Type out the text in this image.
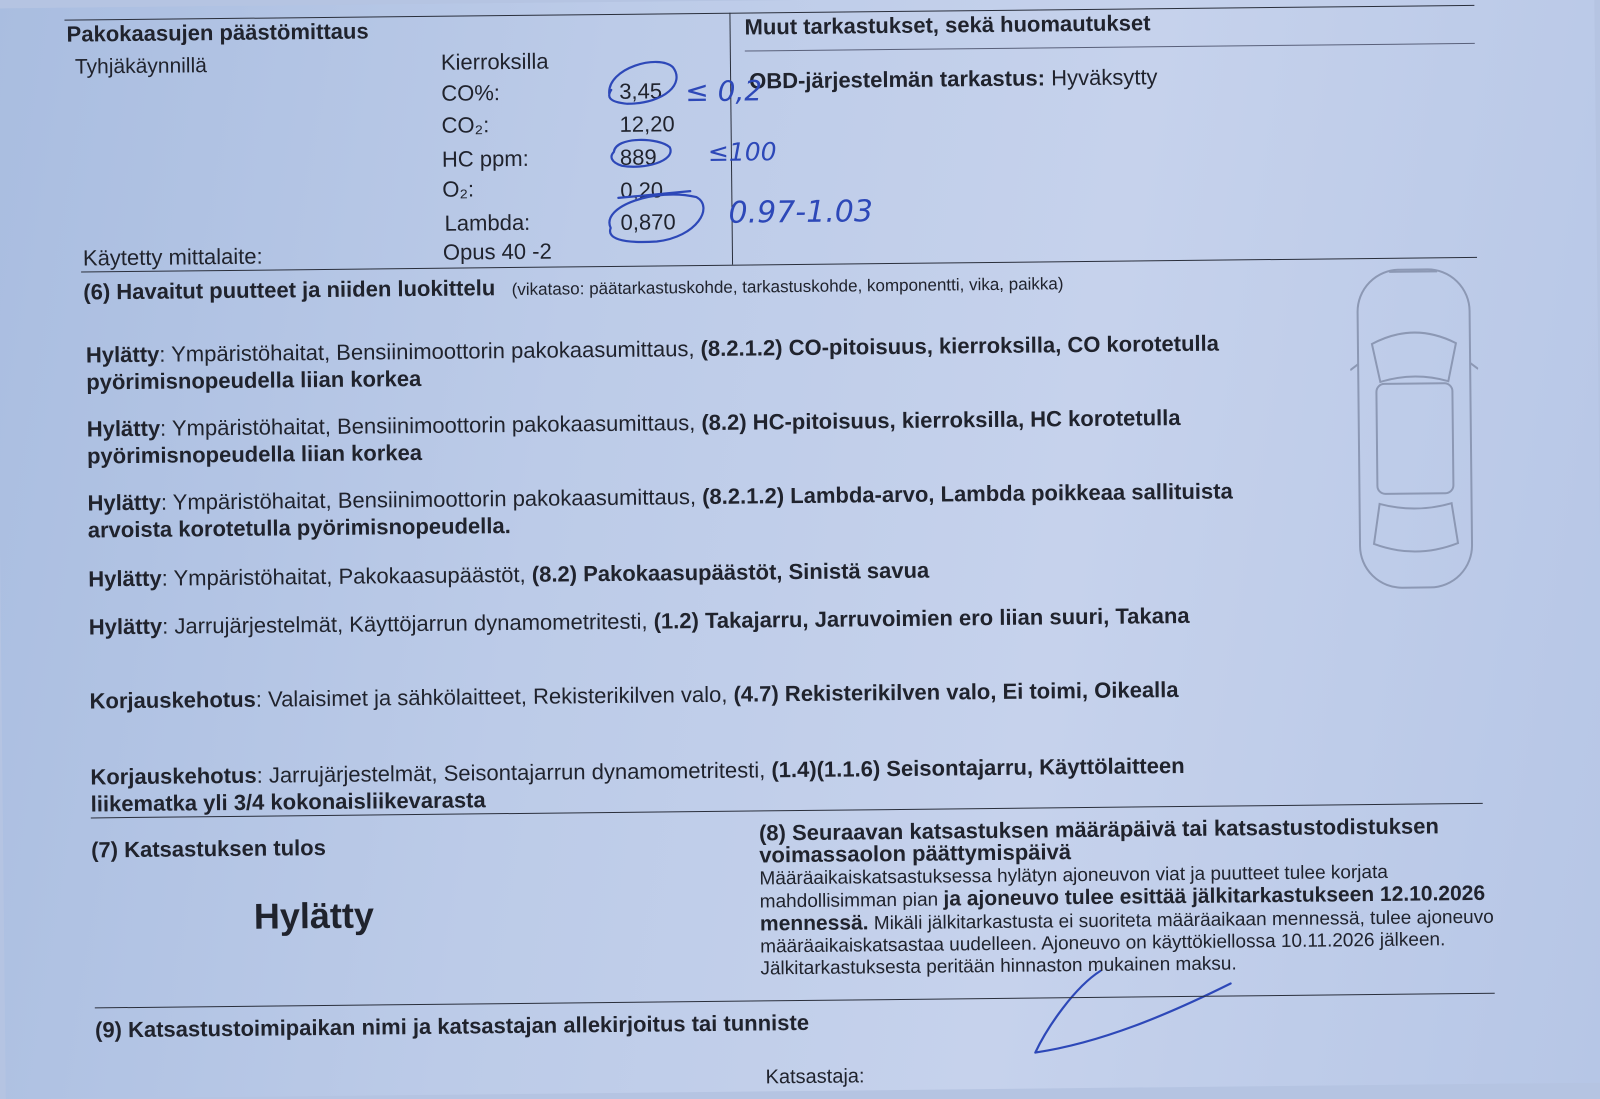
Pakokaasujen päästömittaus
Tyhjäkäynnillä	Kierroksilla
CO%:	3,45
CO₂:	12,20
HC ppm:	889
O₂:	0,20
Lambda:	0,870
Käytetty mittalaite:	Opus 40 -2
Muut tarkastukset, sekä huomautukset
OBD-järjestelmän tarkastus: Hyväksytty
≤ 0,2
≤100
0.97-1.03
(6) Havaitut puutteet ja niiden luokittelu (vikataso: päätarkastuskohde, tarkastuskohde, komponentti, vika, paikka)
Hylätty: Ympäristöhaitat, Bensiinimoottorin pakokaasumittaus, (8.2.1.2) CO-pitoisuus, kierroksilla, CO korotetulla pyörimisnopeudella liian korkea
Hylätty: Ympäristöhaitat, Bensiinimoottorin pakokaasumittaus, (8.2) HC-pitoisuus, kierroksilla, HC korotetulla pyörimisnopeudella liian korkea
Hylätty: Ympäristöhaitat, Bensiinimoottorin pakokaasumittaus, (8.2.1.2) Lambda-arvo, Lambda poikkeaa sallituista arvoista korotetulla pyörimisnopeudella.
Hylätty: Ympäristöhaitat, Pakokaasupäästöt, (8.2) Pakokaasupäästöt, Sinistä savua
Hylätty: Jarrujärjestelmät, Käyttöjarrun dynamometritesti, (1.2) Takajarru, Jarruvoimien ero liian suuri, Takana
Korjauskehotus: Valaisimet ja sähkölaitteet, Rekisterikilven valo, (4.7) Rekisterikilven valo, Ei toimi, Oikealla
Korjauskehotus: Jarrujärjestelmät, Seisontajarrun dynamometritesti, (1.4)(1.1.6) Seisontajarru, Käyttölaitteen liikematka yli 3/4 kokonaisliikevarasta
(7) Katsastuksen tulos
Hylätty
(8) Seuraavan katsastuksen määräpäivä tai katsastustodistuksen voimassaolon päättymispäivä
Määräaikaiskatsastuksessa hylätyn ajoneuvon viat ja puutteet tulee korjata mahdollisimman pian ja ajoneuvo tulee esittää jälkitarkastukseen 12.10.2026 mennessä. Mikäli jälkitarkastusta ei suoriteta määräaikaan mennessä, tulee ajoneuvo määräaikaiskatsastaa uudelleen. Ajoneuvo on käyttökiellossa 10.11.2026 jälkeen. Jälkitarkastuksesta peritään hinnaston mukainen maksu.
(9) Katsastustoimipaikan nimi ja katsastajan allekirjoitus tai tunniste
Katsastaja:
